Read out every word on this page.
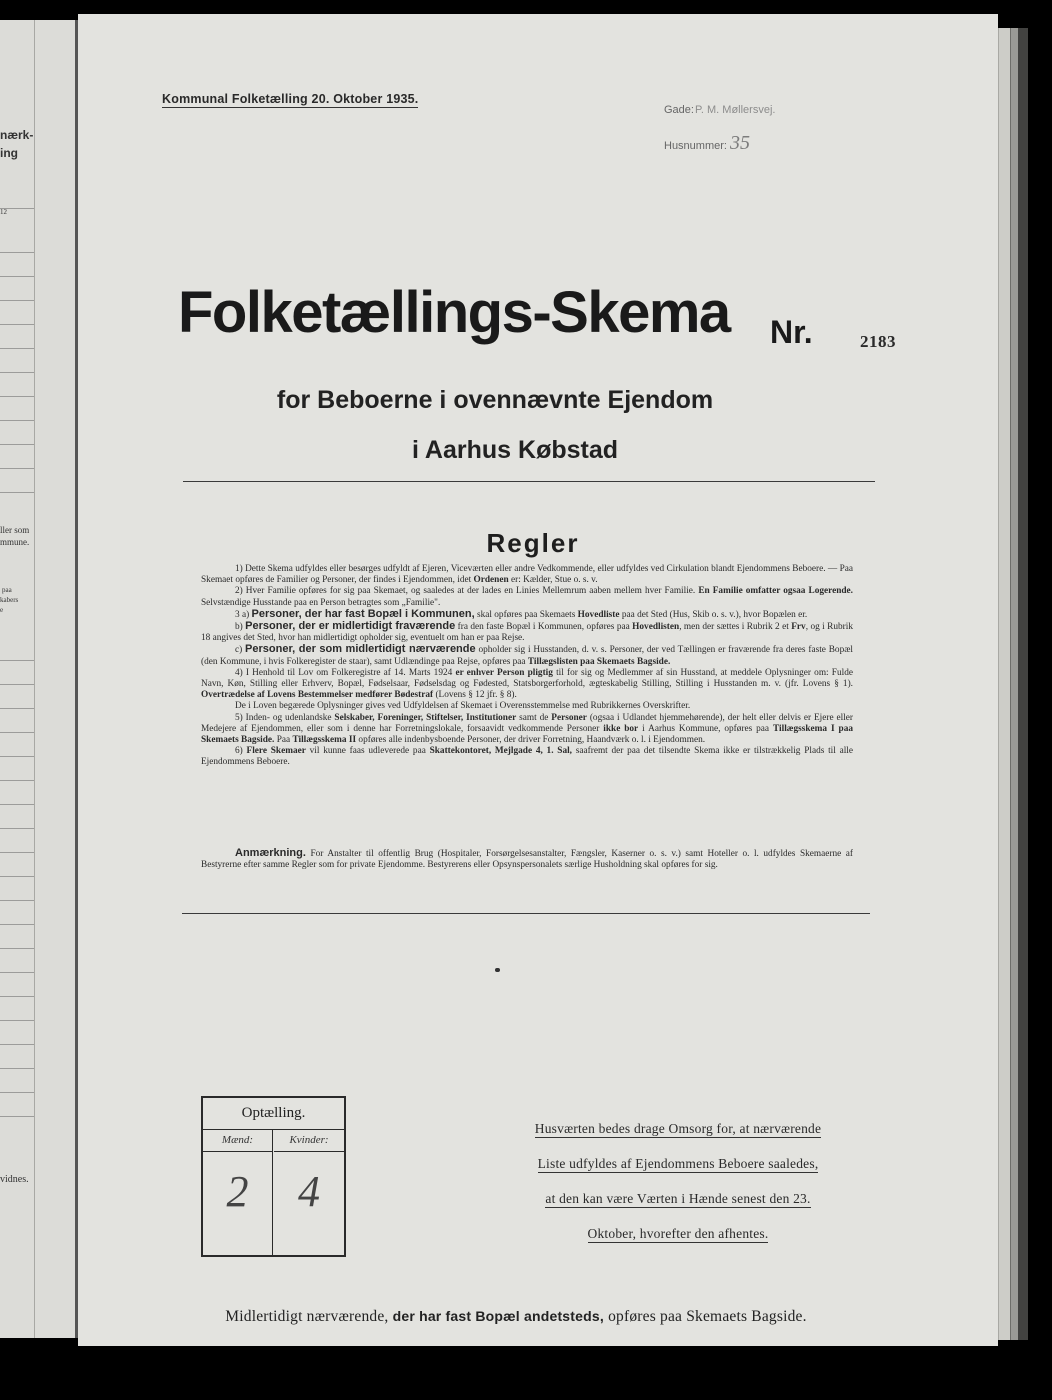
nærk-
ing
12
ller som
mmune.
paa
kabers
e
vidnes.
Kommunal Folketælling 20. Oktober 1935.
Gade:P. M. Møllersvej.
Husnummer: 35
Folketællings-Skema Nr.	2183
for Beboerne i ovennævnte Ejendom
i Aarhus Købstad
Regler

1) Dette Skema udfyldes eller besørges udfyldt af Ejeren, Viceværten eller andre Vedkommende, eller udfyldes ved Cirkulation blandt Ejendommens Beboere. — Paa Skemaet opføres de Familier og Personer, der findes i Ejendommen, idet Ordenen er: Kælder, Stue o. s. v.

2) Hver Familie opføres for sig paa Skemaet, og saaledes at der lades en Linies Mellemrum aaben mellem hver Familie. En Familie omfatter ogsaa Logerende. Selvstændige Husstande paa en Person betragtes som „Familie".

3 a) Personer, der har fast Bopæl i Kommunen, skal opføres paa Skemaets Hovedliste paa det Sted (Hus, Skib o. s. v.), hvor Bopælen er.

b) Personer, der er midlertidigt fraværende fra den faste Bopæl i Kommunen, opføres paa Hovedlisten, men der sættes i Rubrik 2 et Frv, og i Rubrik 18 angives det Sted, hvor han midlertidigt opholder sig, eventuelt om han er paa Rejse.

c) Personer, der som midlertidigt nærværende opholder sig i Husstanden, d. v. s. Personer, der ved Tællingen er fraværende fra deres faste Bopæl (den Kommune, i hvis Folkeregister de staar), samt Udlændinge paa Rejse, opføres paa Tillægslisten paa Skemaets Bagside.

4) I Henhold til Lov om Folkeregistre af 14. Marts 1924 er enhver Person pligtig til for sig og Medlemmer af sin Husstand, at meddele Oplysninger om: Fulde Navn, Køn, Stilling eller Erhverv, Bopæl, Fødselsaar, Fødselsdag og Fødested, Statsborgerforhold, ægteskabelig Stilling, Stilling i Husstanden m. v. (jfr. Lovens § 1). Overtrædelse af Lovens Bestemmelser medfører Bødestraf (Lovens § 12 jfr. § 8).

De i Loven begærede Oplysninger gives ved Udfyldelsen af Skemaet i Overensstemmelse med Rubrikkernes Overskrifter.

5) Inden- og udenlandske Selskaber, Foreninger, Stiftelser, Institutioner samt de Personer (ogsaa i Udlandet hjemmehørende), der helt eller delvis er Ejere eller Medejere af Ejendommen, eller som i denne har Forretningslokale, forsaavidt vedkommende Personer ikke bor i Aarhus Kommune, opføres paa Tillægsskema I paa Skemaets Bagside. Paa Tillægsskema II opføres alle indenbysboende Personer, der driver Forretning, Haandværk o. l. i Ejendommen.

6) Flere Skemaer vil kunne faas udleverede paa Skattekontoret, Mejlgade 4, 1. Sal, saafremt der paa det tilsendte Skema ikke er tilstrækkelig Plads til alle Ejendommens Beboere.

Anmærkning. For Anstalter til offentlig Brug (Hospitaler, Forsørgelsesanstalter, Fængsler, Kaserner o. s. v.) samt Hoteller o. l. udfyldes Skemaerne af Bestyrerne efter samme Regler som for private Ejendomme. Bestyrerens eller Opsynspersonalets særlige Husholdning skal opføres for sig.
Optælling.
Mænd:
2
Kvinder:
4
Husværten bedes drage Omsorg for, at nærværende
Liste udfyldes af Ejendommens Beboere saaledes,
at den kan være Værten i Hænde senest den 23.
Oktober, hvorefter den afhentes.
Midlertidigt nærværende, der har fast Bopæl andetsteds, opføres paa Skemaets Bagside.
